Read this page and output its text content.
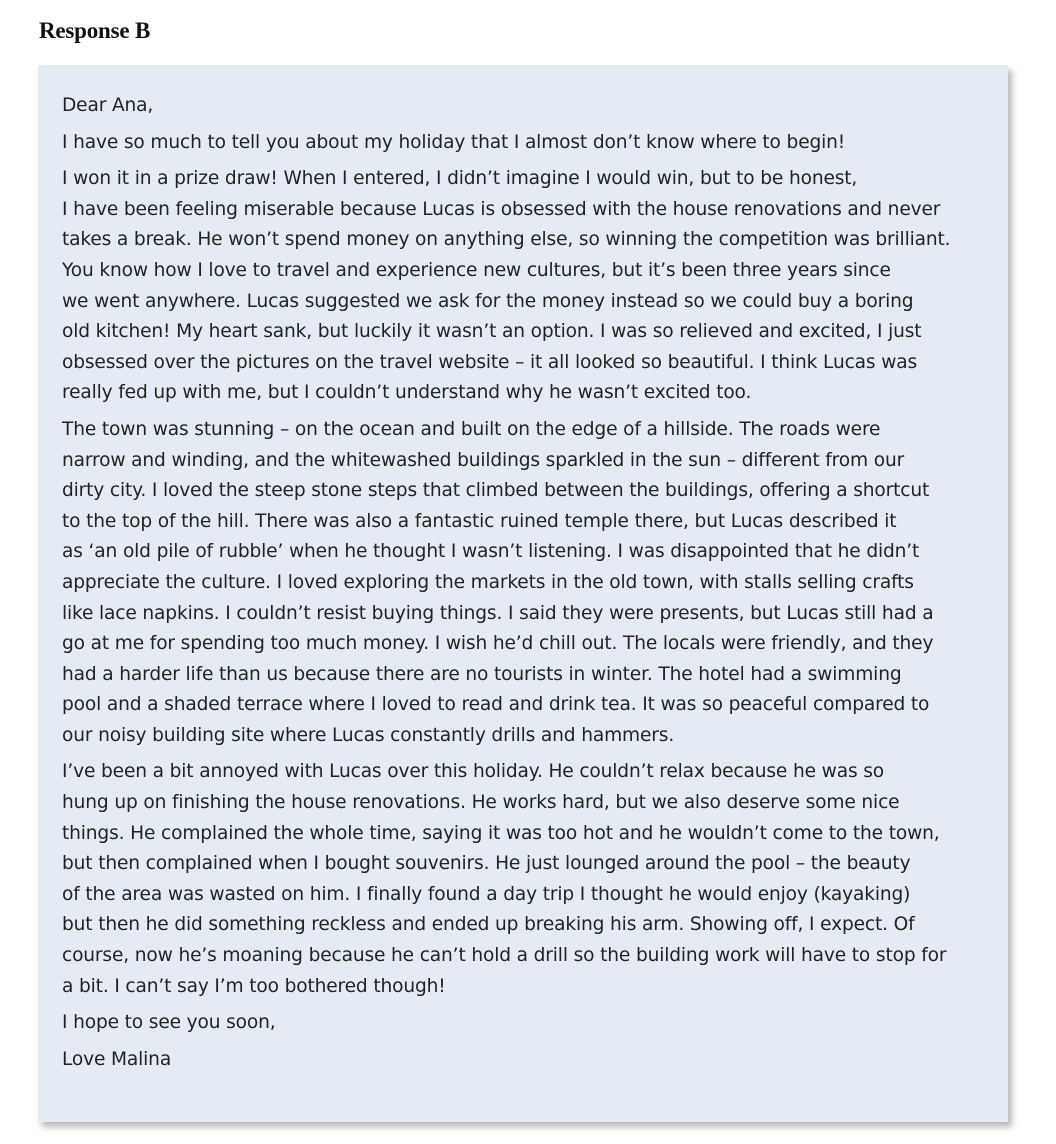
Response B

Dear Ana,

I have so much to tell you about my holiday that I almost don’t know where to begin!

I won it in a prize draw! When I entered, I didn’t imagine I would win, but to be honest,
I have been feeling miserable because Lucas is obsessed with the house renovations and never
takes a break. He won’t spend money on anything else, so winning the competition was brilliant.
You know how I love to travel and experience new cultures, but it’s been three years since
we went anywhere. Lucas suggested we ask for the money instead so we could buy a boring
old kitchen! My heart sank, but luckily it wasn’t an option. I was so relieved and excited, I just
obsessed over the pictures on the travel website – it all looked so beautiful. I think Lucas was
really fed up with me, but I couldn’t understand why he wasn’t excited too.

The town was stunning – on the ocean and built on the edge of a hillside. The roads were
narrow and winding, and the whitewashed buildings sparkled in the sun – different from our
dirty city. I loved the steep stone steps that climbed between the buildings, offering a shortcut
to the top of the hill. There was also a fantastic ruined temple there, but Lucas described it
as ‘an old pile of rubble’ when he thought I wasn’t listening. I was disappointed that he didn’t
appreciate the culture. I loved exploring the markets in the old town, with stalls selling crafts
like lace napkins. I couldn’t resist buying things. I said they were presents, but Lucas still had a
go at me for spending too much money. I wish he’d chill out. The locals were friendly, and they
had a harder life than us because there are no tourists in winter. The hotel had a swimming
pool and a shaded terrace where I loved to read and drink tea. It was so peaceful compared to
our noisy building site where Lucas constantly drills and hammers.

I’ve been a bit annoyed with Lucas over this holiday. He couldn’t relax because he was so
hung up on finishing the house renovations. He works hard, but we also deserve some nice
things. He complained the whole time, saying it was too hot and he wouldn’t come to the town,
but then complained when I bought souvenirs. He just lounged around the pool – the beauty
of the area was wasted on him. I finally found a day trip I thought he would enjoy (kayaking)
but then he did something reckless and ended up breaking his arm. Showing off, I expect. Of
course, now he’s moaning because he can’t hold a drill so the building work will have to stop for
a bit. I can’t say I’m too bothered though!

I hope to see you soon,

Love Malina
